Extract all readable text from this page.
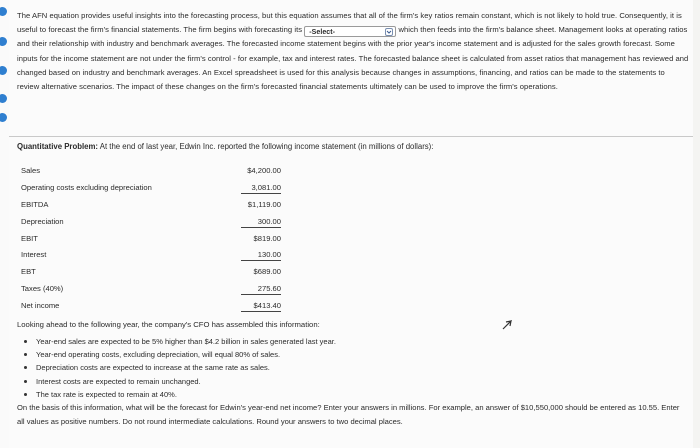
The AFN equation provides useful insights into the forecasting process, but this equation assumes that all of the firm's key ratios remain constant, which is not likely to hold true. Consequently, it is useful to forecast the firm's financial statements. The firm begins with forecasting its -Select-	which then feeds into the firm's balance sheet. Management looks at operating ratios and their relationship with industry and benchmark averages. The forecasted income statement begins with the prior year's income statement and is adjusted for the sales growth forecast. Some inputs for the income statement are not under the firm's control - for example, tax and interest rates. The forecasted balance sheet is calculated from asset ratios that management has reviewed and changed based on industry and benchmark averages. An Excel spreadsheet is used for this analysis because changes in assumptions, financing, and ratios can be made to the statements to review alternative scenarios. The impact of these changes on the firm's forecasted financial statements ultimately can be used to improve the firm's operations.

Quantitative Problem: At the end of last year, Edwin Inc. reported the following income statement (in millions of dollars):
Sales	$4,200.00
Operating costs excluding depreciation	3,081.00
EBITDA	$1,119.00
Depreciation	300.00
EBIT	$819.00
Interest	130.00
EBT	$689.00
Taxes (40%)	275.60
Net income	$413.40
Looking ahead to the following year, the company's CFO has assembled this information:
Year-end sales are expected to be 5% higher than $4.2 billion in sales generated last year.
Year-end operating costs, excluding depreciation, will equal 80% of sales.
Depreciation costs are expected to increase at the same rate as sales.
Interest costs are expected to remain unchanged.
The tax rate is expected to remain at 40%.
On the basis of this information, what will be the forecast for Edwin's year-end net income? Enter your answers in millions. For example, an answer of $10,550,000 should be entered as 10.55. Enter all values as positive numbers. Do not round intermediate calculations. Round your answers to two decimal places.
